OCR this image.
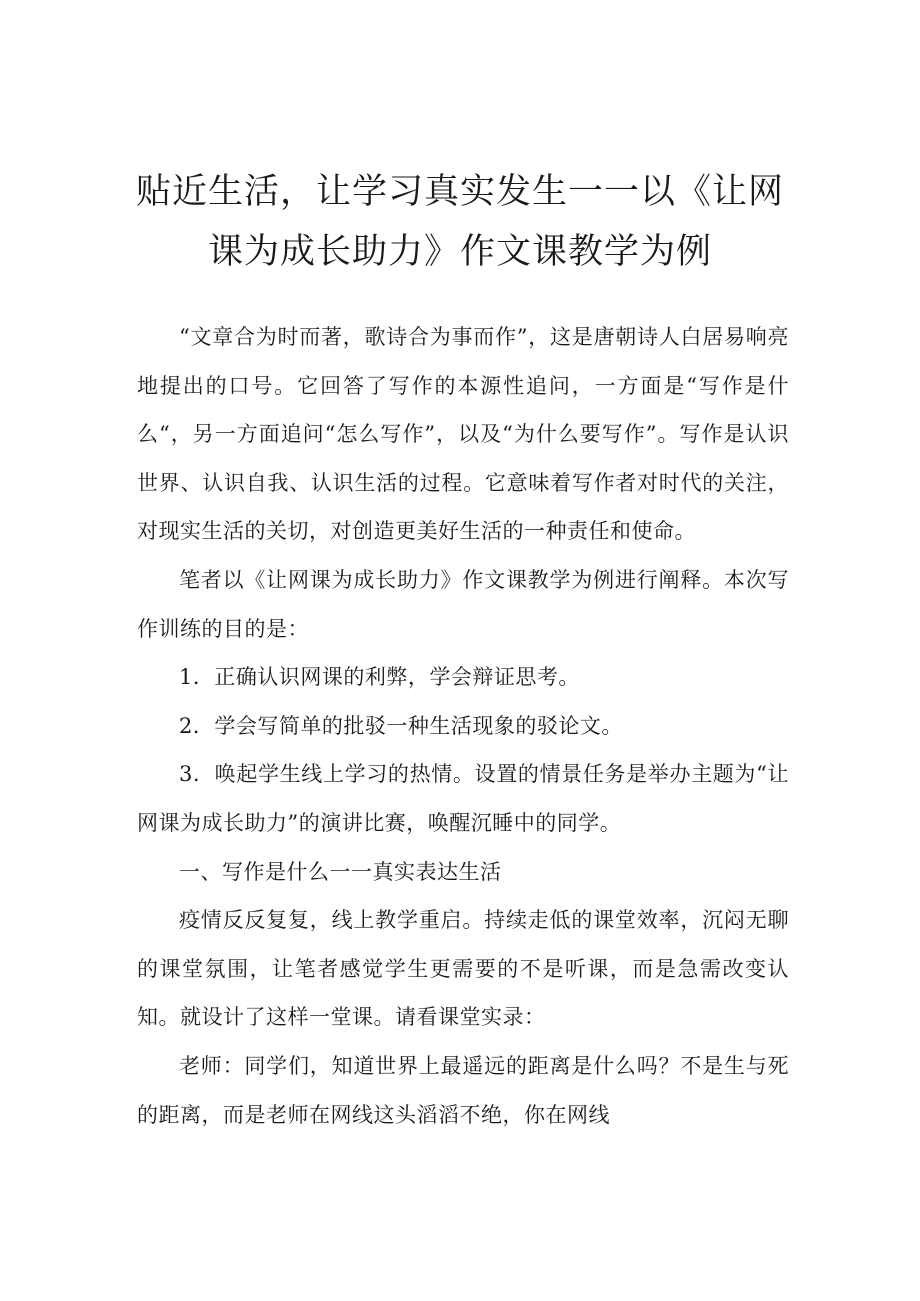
贴近生活，让学习真实发生一一以《让网
课为成长助力》作文课教学为例

“文章合为时而著，歌诗合为事而作”，这是唐朝诗人白居易响亮地提出的口号。它回答了写作的本源性追问，一方面是“写作是什么“，另一方面追问“怎么写作”，以及“为什么要写作”。写作是认识世界、认识自我、认识生活的过程。它意味着写作者对时代的关注，对现实生活的关切，对创造更美好生活的一种责任和使命。

笔者以《让网课为成长助力》作文课教学为例进行阐释。本次写作训练的目的是：

1．正确认识网课的利弊，学会辩证思考。

2．学会写简单的批驳一种生活现象的驳论文。

3．唤起学生线上学习的热情。设置的情景任务是举办主题为“让网课为成长助力”的演讲比赛，唤醒沉睡中的同学。

一、写作是什么一一真实表达生活

疫情反反复复，线上教学重启。持续走低的课堂效率，沉闷无聊的课堂氛围，让笔者感觉学生更需要的不是听课，而是急需改变认知。就设计了这样一堂课。请看课堂实录：

老师：同学们，知道世界上最遥远的距离是什么吗？不是生与死的距离，而是老师在网线这头滔滔不绝，你在网线
